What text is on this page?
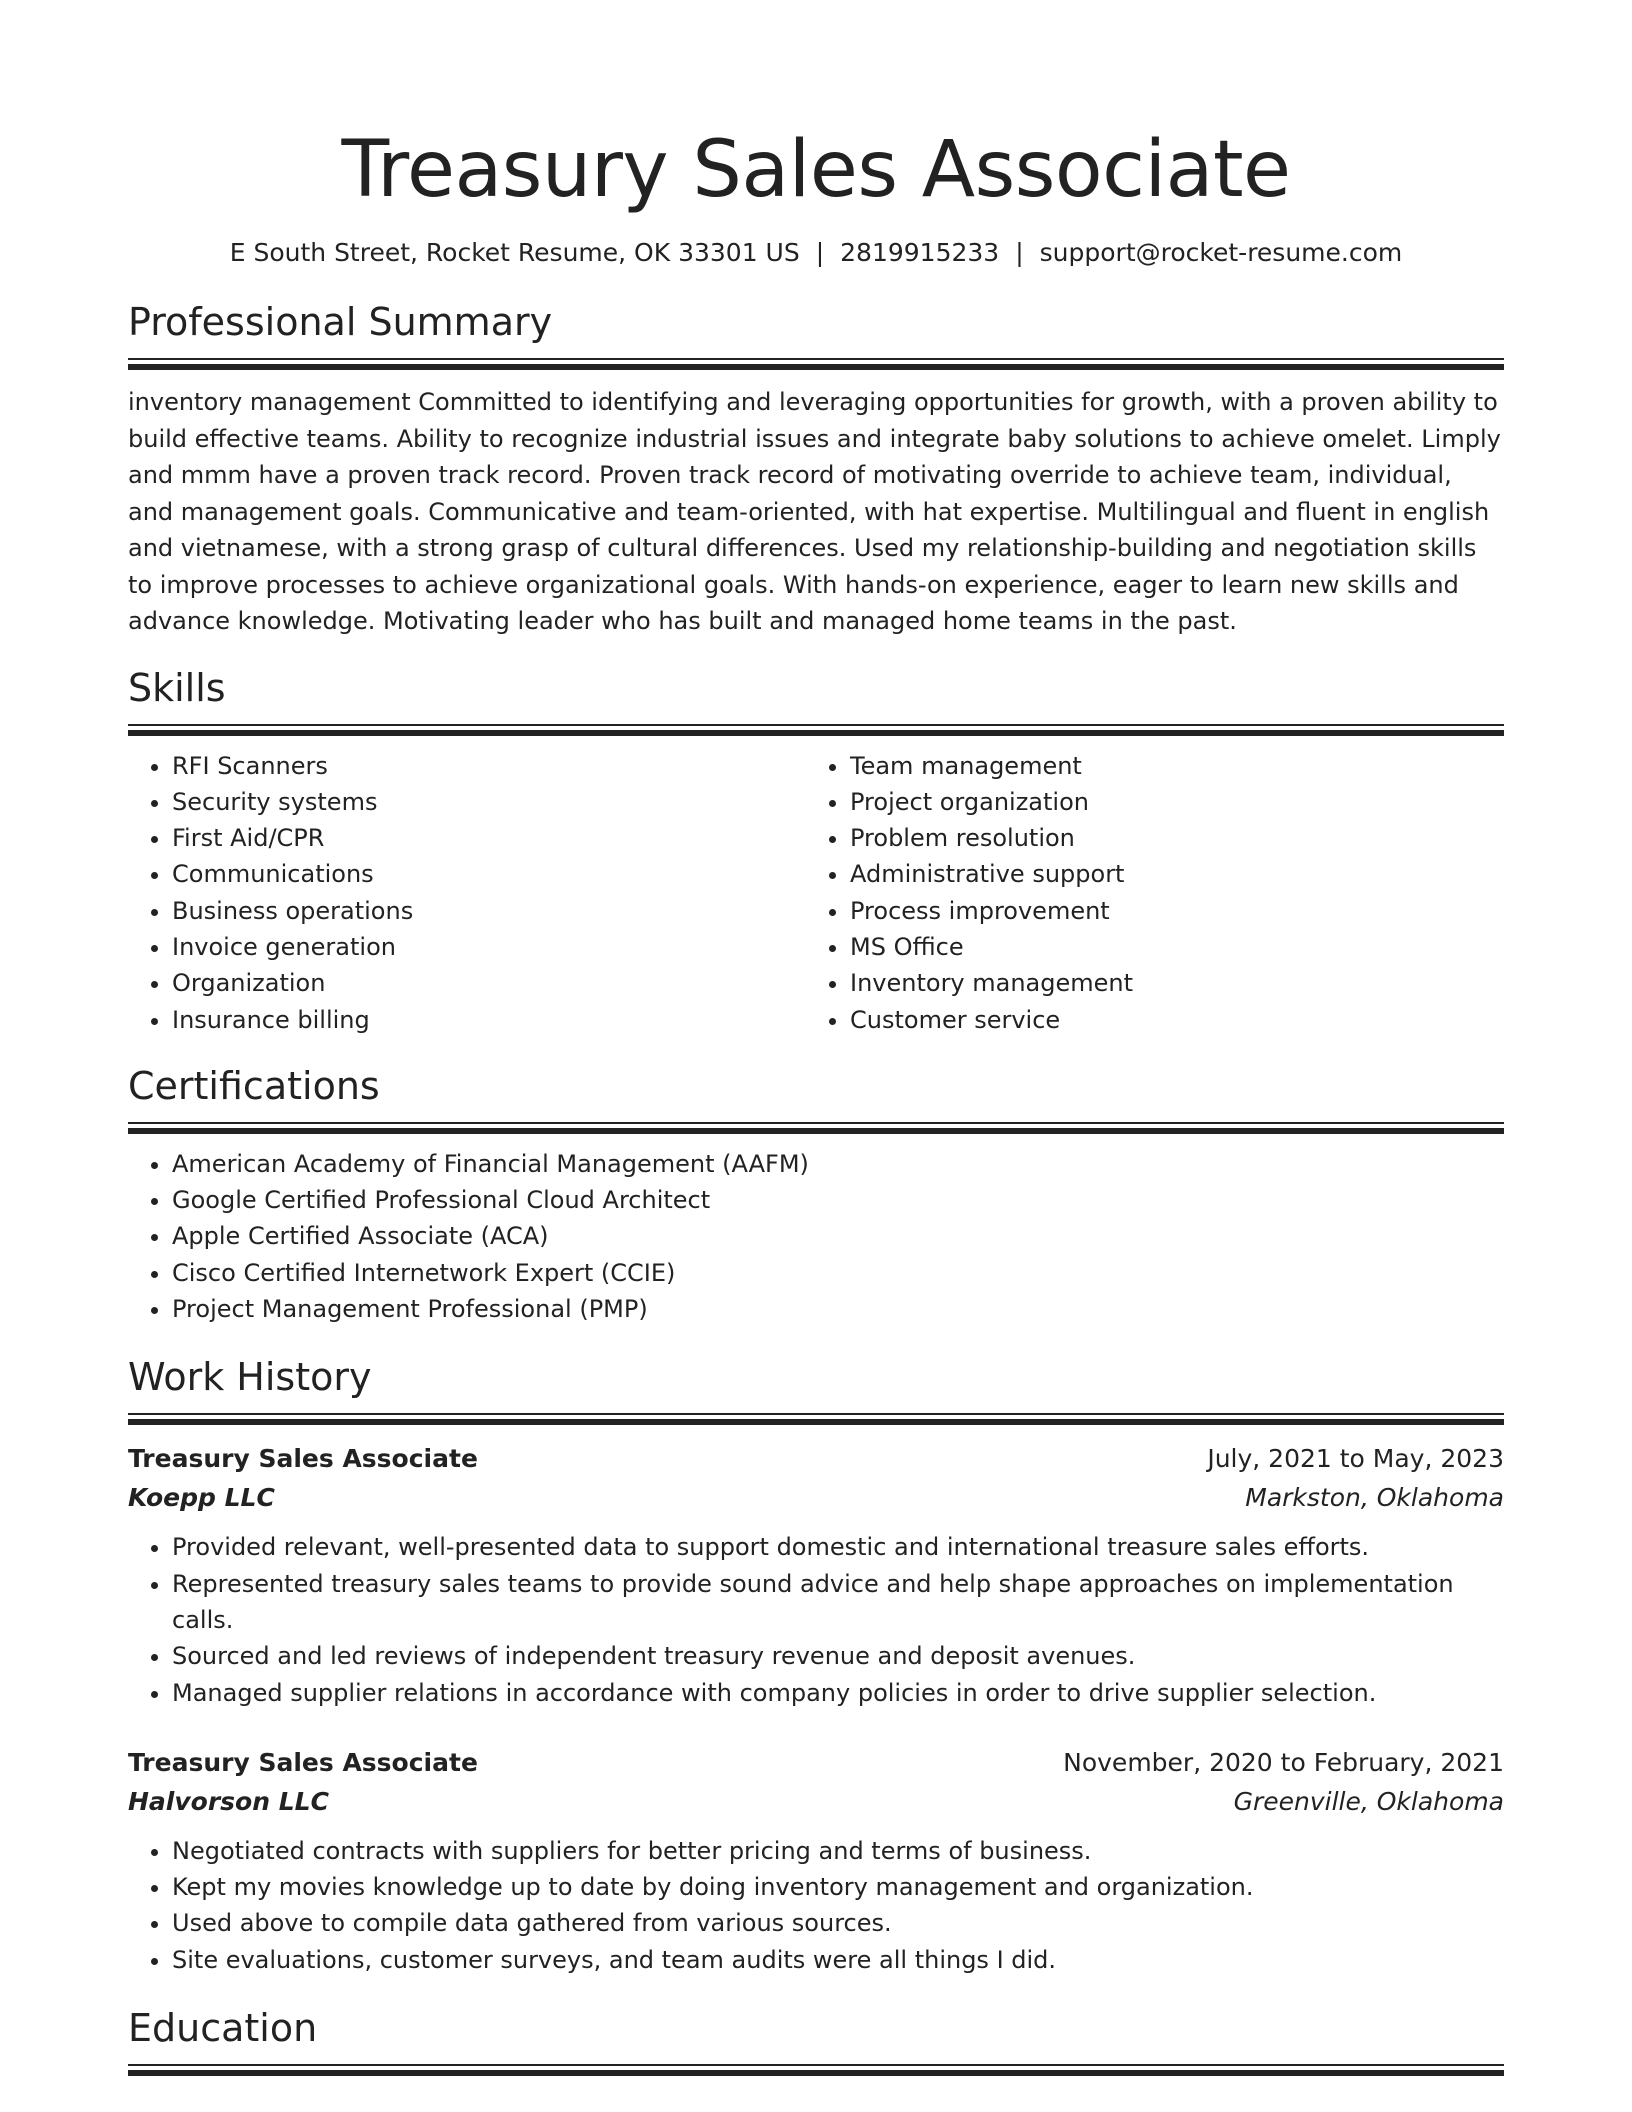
Treasury Sales Associate
E South Street, Rocket Resume, OK 33301 US | 2819915233 | support@rocket-resume.com
Professional Summary

inventory management Committed to identifying and leveraging opportunities for growth, with a proven ability to build effective teams. Ability to recognize industrial issues and integrate baby solutions to achieve omelet. Limply and mmm have a proven track record. Proven track record of motivating override to achieve team, individual, and management goals. Communicative and team-oriented, with hat expertise. Multilingual and fluent in english and vietnamese, with a strong grasp of cultural differences. Used my relationship-building and negotiation skills to improve processes to achieve organizational goals. With hands-on experience, eager to learn new skills and advance knowledge. Motivating leader who has built and managed home teams in the past.

Skills
• RFI Scanners
• Security systems
• First Aid/CPR
• Communications
• Business operations
• Invoice generation
• Organization
• Insurance billing
• Team management
• Project organization
• Problem resolution
• Administrative support
• Process improvement
• MS Office
• Inventory management
• Customer service
Certifications
• American Academy of Financial Management (AAFM)
• Google Certified Professional Cloud Architect
• Apple Certified Associate (ACA)
• Cisco Certified Internetwork Expert (CCIE)
• Project Management Professional (PMP)
Work History
Treasury Sales Associate	July, 2021 to May, 2023
Koepp LLC	Markston, Oklahoma
• Provided relevant, well-presented data to support domestic and international treasure sales efforts.
• Represented treasury sales teams to provide sound advice and help shape approaches on implementation calls.
• Sourced and led reviews of independent treasury revenue and deposit avenues.
• Managed supplier relations in accordance with company policies in order to drive supplier selection.
Treasury Sales Associate	November, 2020 to February, 2021
Halvorson LLC	Greenville, Oklahoma
• Negotiated contracts with suppliers for better pricing and terms of business.
• Kept my movies knowledge up to date by doing inventory management and organization.
• Used above to compile data gathered from various sources.
• Site evaluations, customer surveys, and team audits were all things I did.
Education
